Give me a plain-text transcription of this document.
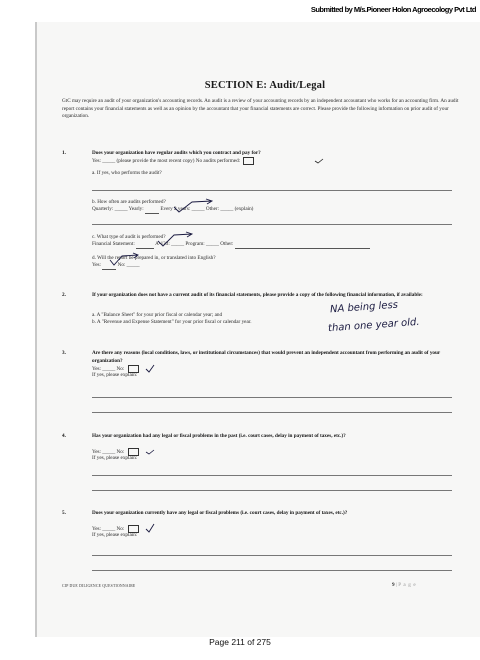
Submitted by M/s.Pioneer Holon Agroecology Pvt Ltd
SECTION E: Audit/Legal
GtC may require an audit of your organization's accounting records. An audit is a review of your accounting records by an independent accountant who works for an accounting firm. An audit report contains your financial statements as well as an opinion by the accountant that your financial statements are correct. Please provide the following information on prior audit of your organization.
1.	Does your organization have regular audits which you contract and pay for?
Yes: _____ (please provide the most recent copy) No audits performed:
a. If yes, who performs the audit?
b. How often are audits performed?
Quarterly: _____ Yearly:	Every 2 years: _____ Other: _____ (explain)
c. What type of audit is performed?
Financial Statement:	A-133: _____ Program: _____ Other:
d. Will the report be prepared in, or translated into English?
Yes:	No: _____
2.	If your organization does not have a current audit of its financial statements, please provide a copy of the following financial information, if available:
a. A "Balance Sheet" for your prior fiscal or calendar year; and
b. A "Revenue and Expense Statement" for your prior fiscal or calendar year.
NA being less
than one year old.
3.	Are there any reasons (local conditions, laws, or institutional circumstances) that would prevent an independent accountant from performing an audit of your organization?
Yes: _____ No:
If yes, please explain:
4.	Has your organization had any legal or fiscal problems in the past (i.e. court cases, delay in payment of taxes, etc.)?
Yes: _____ No:
If yes, please explain:
5.	Does your organization currently have any legal or fiscal problems (i.e. court cases, delay in payment of taxes, etc.)?
Yes: _____ No:
If yes, please explain:
CIP DUE DILIGENCE QUESTIONNAIRE	9 | P a g e
Page 211 of 275
